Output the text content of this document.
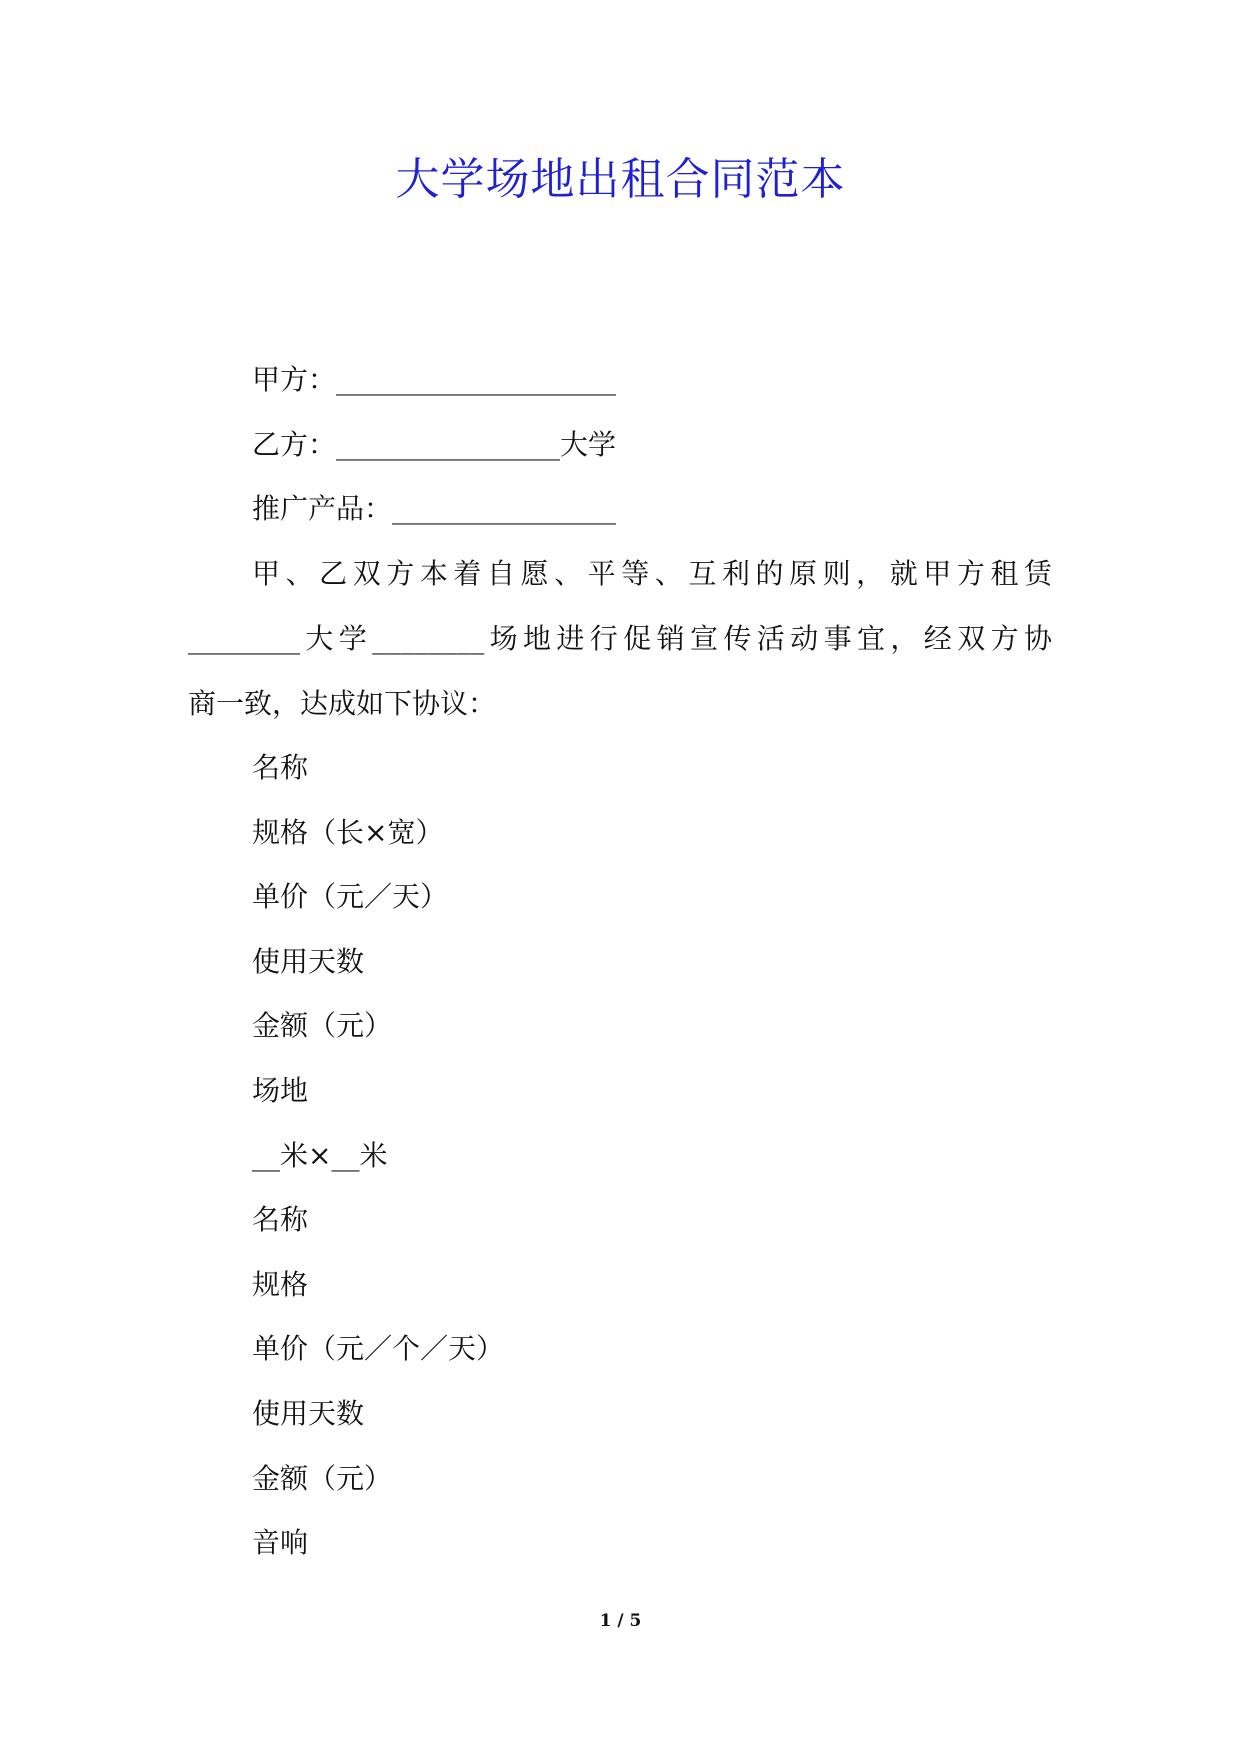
大学场地出租合同范本
甲方：____________________
乙方：________________大学
推广产品：________________

甲、乙双方本着自愿、平等、互利的原则，就甲方租赁

________大学________场地进行促销宣传活动事宜，经双方协

商一致，达成如下协议：

名称
规格（长×宽）
单价（元／天）
使用天数
金额（元）
场地
__米×__米
名称
规格
单价（元／个／天）
使用天数
金额（元）
音响
1 / 5
